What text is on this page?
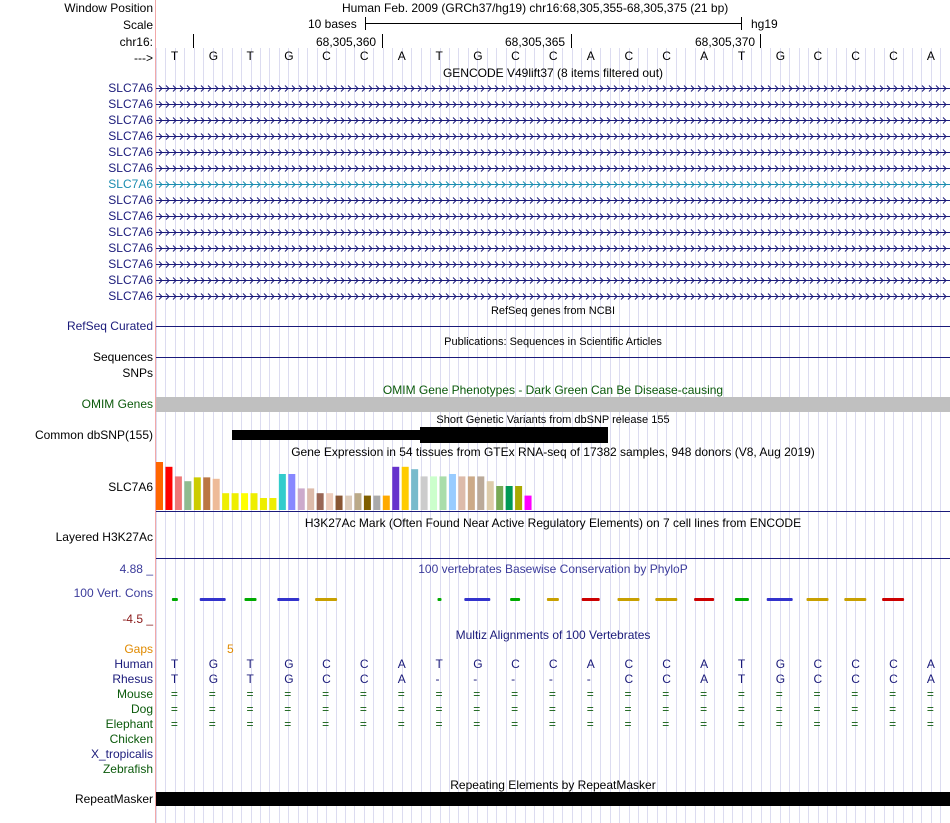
Window Position	Human Feb. 2009 (GRCh37/hg19) chr16:68,305,355-68,305,375 (21 bp)
Scale	10 bases	hg19
chr16:	68,305,360	68,305,365	68,305,370
---> T	G T	G C C A T	G C C A C C A T	G C C C A
GENCODE V49lift37 (8 items filtered out)
SLC7A6
SLC7A6
SLC7A6
SLC7A6
SLC7A6
SLC7A6
SLC7A6
SLC7A6
SLC7A6
SLC7A6
SLC7A6
SLC7A6
SLC7A6
SLC7A6
RefSeq genes from NCBI
RefSeq Curated
Publications: Sequences in Scientific Articles
Sequences
SNPs
OMIM Gene Phenotypes - Dark Green Can Be Disease-causing
OMIM Genes
Short Genetic Variants from dbSNP release 155
Common dbSNP(155)
Gene Expression in 54 tissues from GTEx RNA-seq of 17382 samples, 948 donors (V8, Aug 2019)
SLC7A6
H3K27Ac Mark (Often Found Near Active Regulatory Elements) on 7 cell lines from ENCODE
Layered H3K27Ac
100 vertebrates Basewise Conservation by PhyloP
4.88 _
100 Vert. Cons
-4.5 _
Multiz Alignments of 100 Vertebrates
Gaps	5
Human T	G T	G C C A T	G C C A C C A T	G C C C A
Rhesus T	G T	G C C A -	-	-	-	-	C C A T	G C C C A
Mouse =	=	=	=	=	=	=	=	=	=	=	=	=	=	=	=	=	=	=	=	=
Dog =	=	=	=	=	=	=	=	=	=	=	=	=	=	=	=	=	=	=	=	=
Elephant =	=	=	=	=	=	=	=	=	=	=	=	=	=	=	=	=	=	=	=	=
Chicken
X_tropicalis
Zebrafish
Repeating Elements by RepeatMasker
RepeatMasker
